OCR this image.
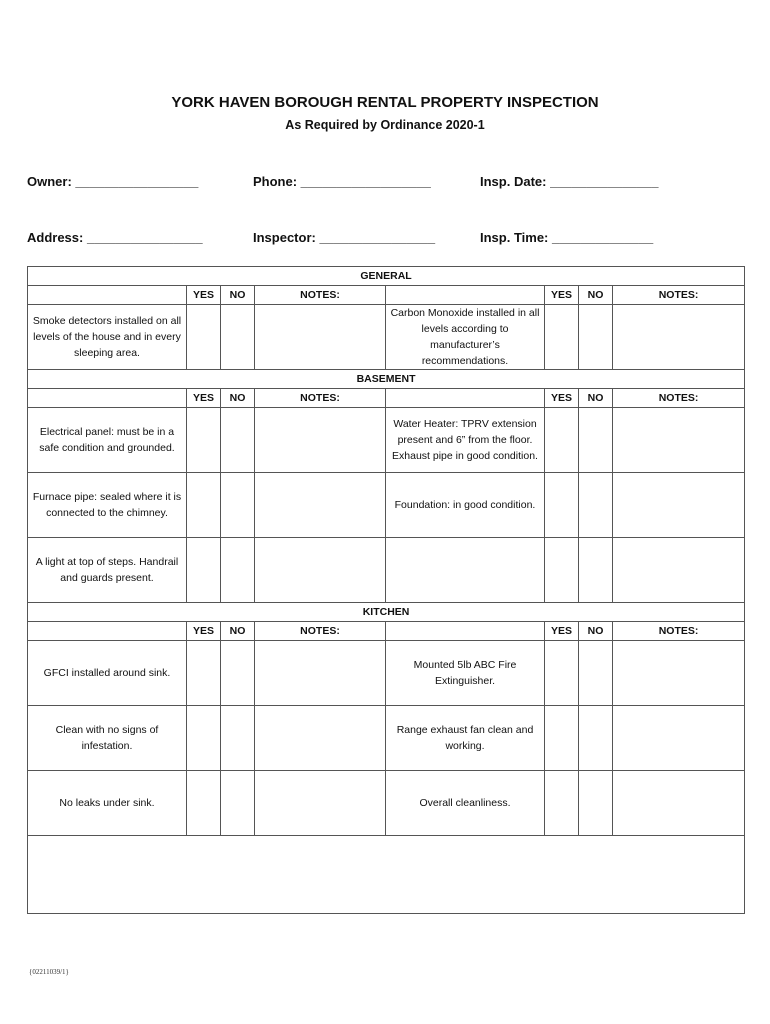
YORK HAVEN BOROUGH RENTAL PROPERTY INSPECTION
As Required by Ordinance 2020-1
Owner: _________________	Phone: __________________	Insp. Date: _______________
Address: ________________	Inspector: ________________	Insp. Time: ______________
GENERAL							
	YES	NO	NOTES:		YES	NO	NOTES:
Smoke detectors installed on all levels of the house and in every sleeping area.				Carbon Monoxide installed in all levels according to manufacturer’s recommendations.			
BASEMENT							
	YES	NO	NOTES:		YES	NO	NOTES:
Electrical panel: must be in a safe condition and grounded.				Water Heater: TPRV extension present and 6” from the floor. Exhaust pipe in good condition.			
Furnace pipe: sealed where it is connected to the chimney.				Foundation: in good condition.			
A light at top of steps. Handrail and guards present.							
KITCHEN							
	YES	NO	NOTES:		YES	NO	NOTES:
GFCI installed around sink.				Mounted 5lb ABC Fire Extinguisher.			
Clean with no signs of infestation.				Range exhaust fan clean and working.			
No leaks under sink.				Overall cleanliness.			

{02211039/1}
